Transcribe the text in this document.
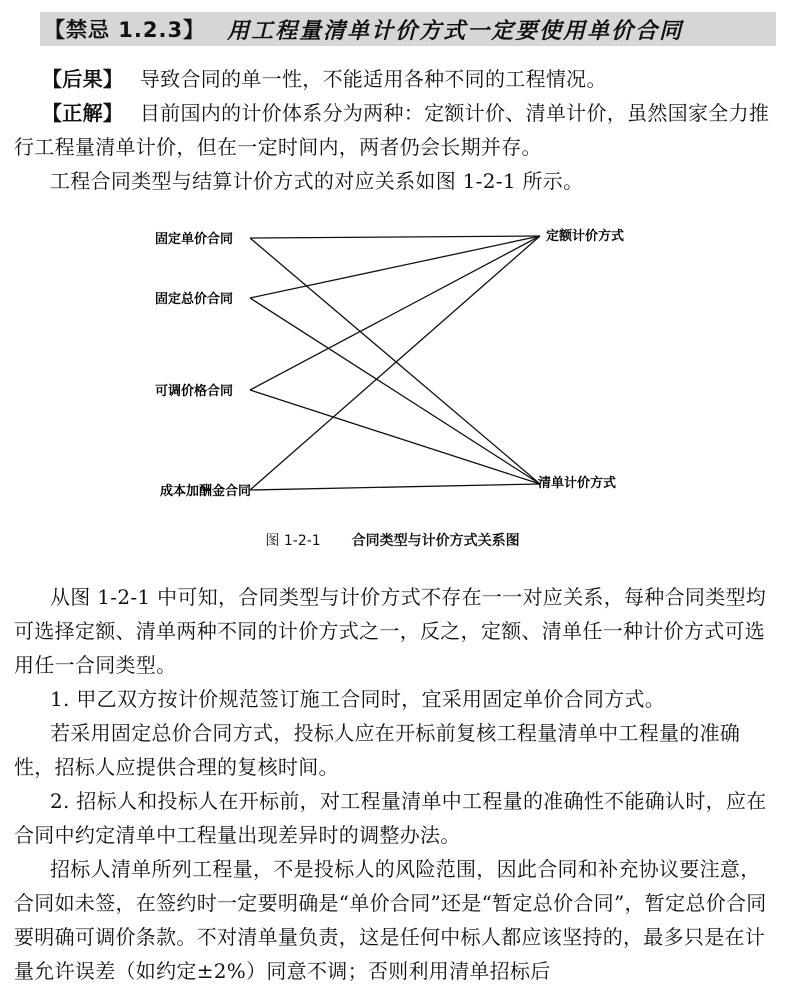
【禁忌 1.2.3】 用工程量清单计价方式一定要使用单价合同
【后果】 导致合同的单一性，不能适用各种不同的工程情况。
【正解】 目前国内的计价体系分为两种：定额计价、清单计价，虽然国家全力推行工程量清单计价，但在一定时间内，两者仍会长期并存。
工程合同类型与结算计价方式的对应关系如图 1-2-1 所示。
固定单价合同
固定总价合同
可调价格合同
成本加酬金合同
定额计价方式
清单计价方式
图 1-2-1 合同类型与计价方式关系图
从图 1-2-1 中可知，合同类型与计价方式不存在一一对应关系，每种合同类型均可选择定额、清单两种不同的计价方式之一，反之，定额、清单任一种计价方式可选用任一合同类型。
1. 甲乙双方按计价规范签订施工合同时，宜采用固定单价合同方式。
若采用固定总价合同方式，投标人应在开标前复核工程量清单中工程量的准确性，招标人应提供合理的复核时间。
2. 招标人和投标人在开标前，对工程量清单中工程量的准确性不能确认时，应在合同中约定清单中工程量出现差异时的调整办法。
招标人清单所列工程量，不是投标人的风险范围，因此合同和补充协议要注意，合同如未签，在签约时一定要明确是“单价合同”还是“暂定总价合同”，暂定总价合同要明确可调价条款。不对清单量负责，这是任何中标人都应该坚持的，最多只是在计量允许误差（如约定±2%）同意不调；否则利用清单招标后
